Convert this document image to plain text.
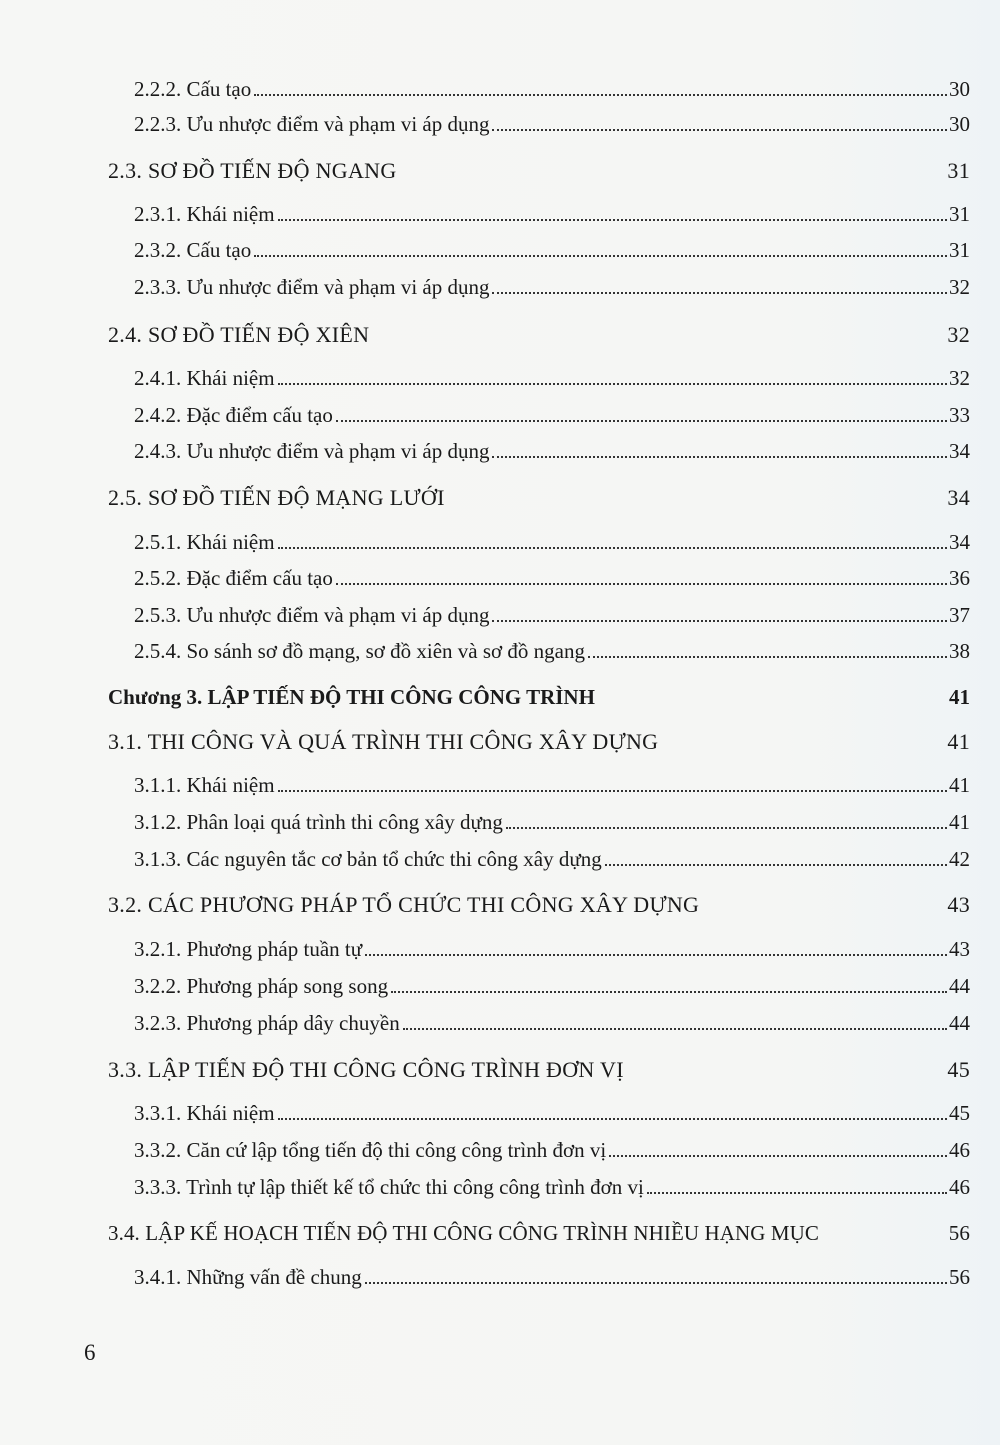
2.2.2. Cấu tạo	30
2.2.3. Ưu nhược điểm và phạm vi áp dụng	30
2.3. SƠ ĐỒ TIẾN ĐỘ NGANG	31
2.3.1. Khái niệm	31
2.3.2. Cấu tạo	31
2.3.3. Ưu nhược điểm và phạm vi áp dụng	32
2.4. SƠ ĐỒ TIẾN ĐỘ XIÊN	32
2.4.1. Khái niệm	32
2.4.2. Đặc điểm cấu tạo	33
2.4.3. Ưu nhược điểm và phạm vi áp dụng	34
2.5. SƠ ĐỒ TIẾN ĐỘ MẠNG LƯỚI	34
2.5.1. Khái niệm	34
2.5.2. Đặc điểm cấu tạo	36
2.5.3. Ưu nhược điểm và phạm vi áp dụng	37
2.5.4. So sánh sơ đồ mạng, sơ đồ xiên và sơ đồ ngang	38
Chương 3. LẬP TIẾN ĐỘ THI CÔNG CÔNG TRÌNH	41
3.1. THI CÔNG VÀ QUÁ TRÌNH THI CÔNG XÂY DỰNG	41
3.1.1. Khái niệm	41
3.1.2. Phân loại quá trình thi công xây dựng	41
3.1.3. Các nguyên tắc cơ bản tổ chức thi công xây dựng	42
3.2. CÁC PHƯƠNG PHÁP TỔ CHỨC THI CÔNG XÂY DỰNG	43
3.2.1. Phương pháp tuần tự	43
3.2.2. Phương pháp song song	44
3.2.3. Phương pháp dây chuyền	44
3.3. LẬP TIẾN ĐỘ THI CÔNG CÔNG TRÌNH ĐƠN VỊ	45
3.3.1. Khái niệm	45
3.3.2. Căn cứ lập tổng tiến độ thi công công trình đơn vị	46
3.3.3. Trình tự lập thiết kế tổ chức thi công công trình đơn vị	46
3.4. LẬP KẾ HOẠCH TIẾN ĐỘ THI CÔNG CÔNG TRÌNH NHIỀU HẠNG MỤC	56
3.4.1. Những vấn đề chung	56
6
